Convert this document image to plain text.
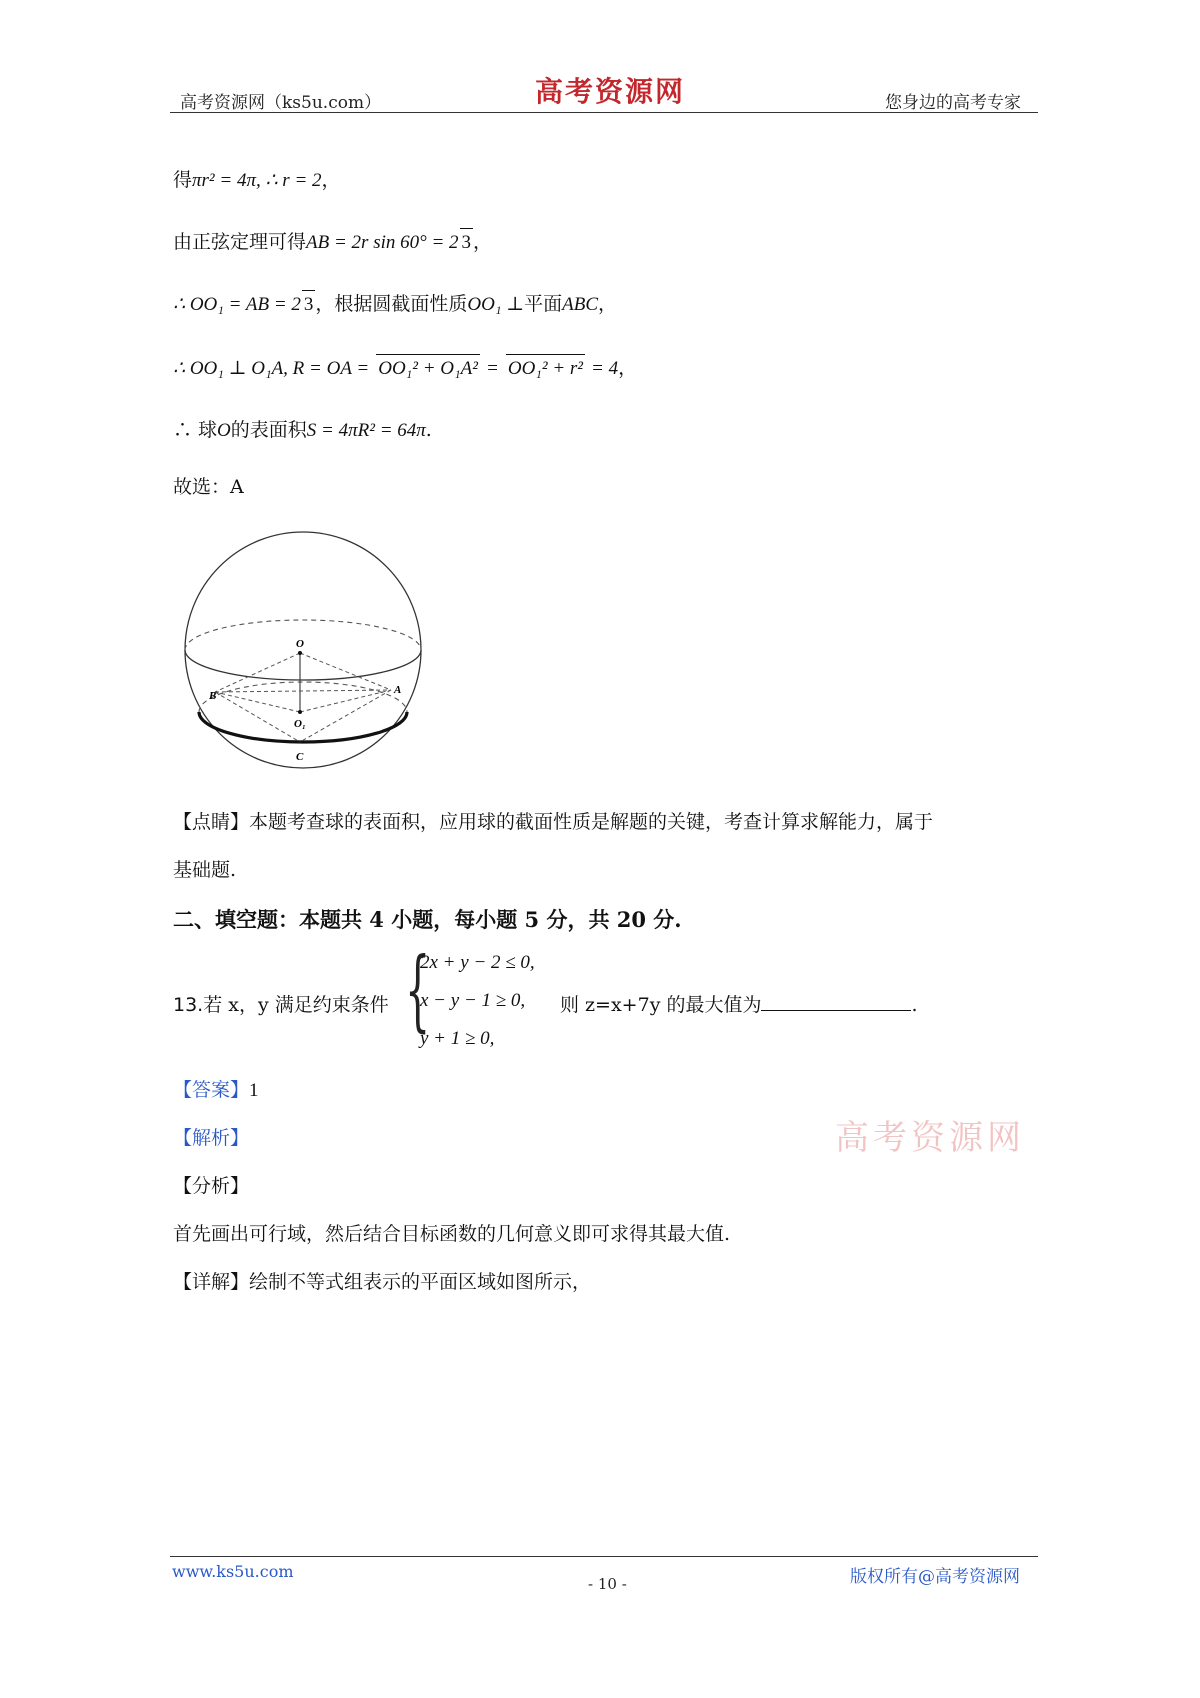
高考资源网（ks5u.com）	高考资源网	您身边的高考专家
得πr² = 4π, ∴ r = 2，
由正弦定理可得AB = 2r sin 60° = 2 3 ，
∴ OO₁ = AB = 2 3 ，根据圆截面性质OO₁ ⊥平面ABC，
∴ OO₁ ⊥ O₁A, R = OA = OO₁² + O₁A² = OO₁² + r² = 4，
∴ 球O的表面积S = 4πR² = 64π.
故选：A
O
B	A
O₁
C
【点睛】本题考查球的表面积，应用球的截面性质是解题的关键，考查计算求解能力，属于
基础题.
二、填空题：本题共 4 小题，每小题 5 分，共 20 分.
13.若 x，y 满足约束条件 {
2x + y − 2 ≤ 0,
x − y − 1 ≥ 0,
y + 1 ≥ 0,
则 z=x+7y 的最大值为	.
【答案】1
【解析】	高考资源网
【分析】
首先画出可行域，然后结合目标函数的几何意义即可求得其最大值.
【详解】绘制不等式组表示的平面区域如图所示，
www.ks5u.com
- 10 -	版权所有@高考资源网
